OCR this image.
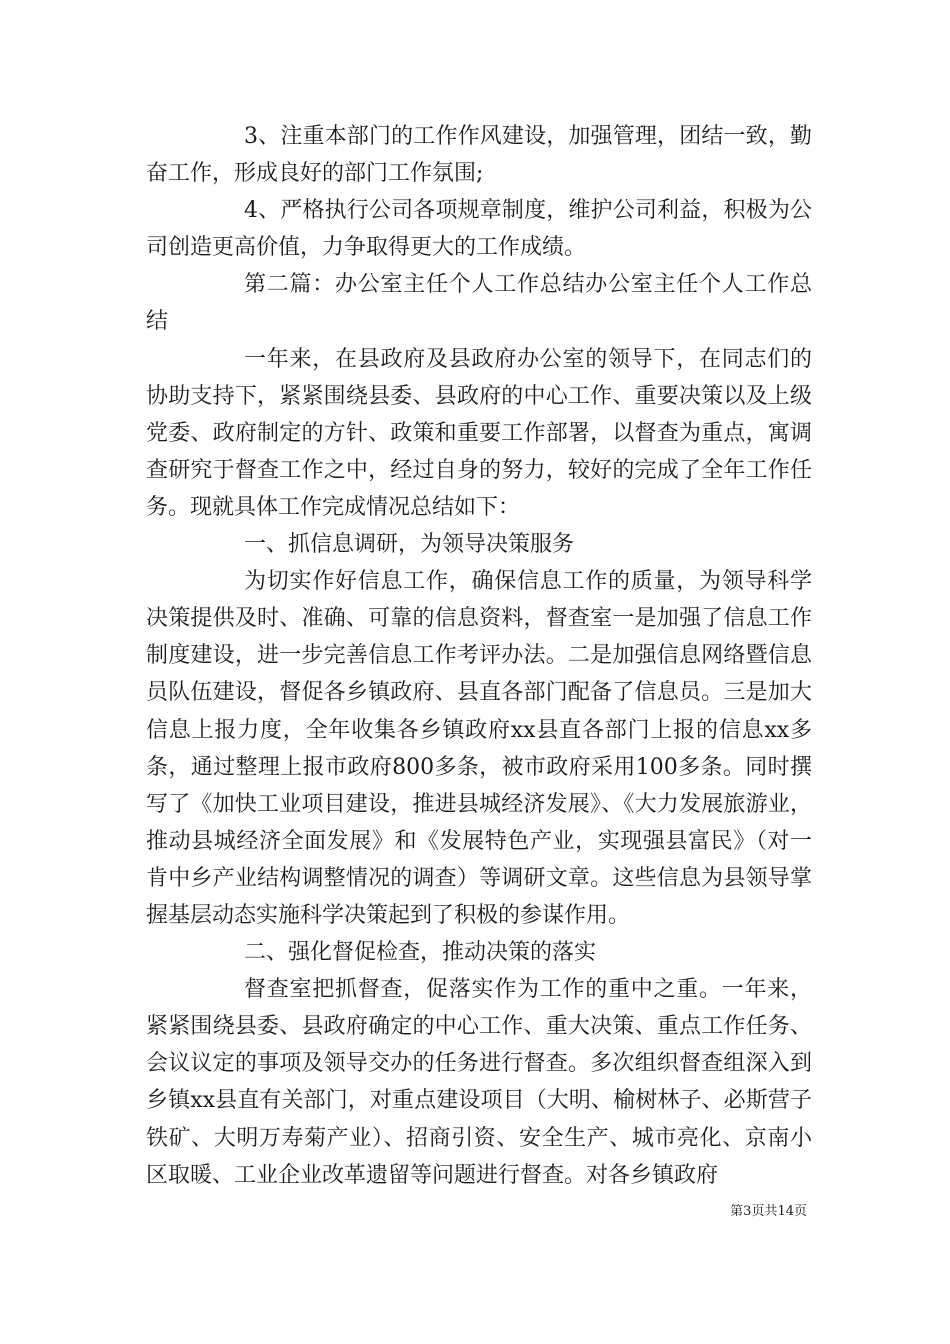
3、注重本部门的工作作风建设，加强管理，团结一致，勤奋工作，形成良好的部门工作氛围;

4、严格执行公司各项规章制度，维护公司利益，积极为公司创造更高价值，力争取得更大的工作成绩。

第二篇：办公室主任个人工作总结办公室主任个人工作总结

一年来，在县政府及县政府办公室的领导下，在同志们的协助支持下，紧紧围绕县委、县政府的中心工作、重要决策以及上级党委、政府制定的方针、政策和重要工作部署，以督查为重点，寓调查研究于督查工作之中，经过自身的努力，较好的完成了全年工作任务。现就具体工作完成情况总结如下：

一、抓信息调研，为领导决策服务

为切实作好信息工作，确保信息工作的质量，为领导科学决策提供及时、准确、可靠的信息资料，督查室一是加强了信息工作制度建设，进一步完善信息工作考评办法。二是加强信息网络暨信息员队伍建设，督促各乡镇政府、县直各部门配备了信息员。三是加大信息上报力度，全年收集各乡镇政府xx县直各部门上报的信息xx多条，通过整理上报市政府800多条，被市政府采用100多条。同时撰写了《加快工业项目建设，推进县城经济发展》、《大力发展旅游业，推动县城经济全面发展》和《发展特色产业，实现强县富民》（对一肯中乡产业结构调整情况的调查）等调研文章。这些信息为县领导掌握基层动态实施科学决策起到了积极的参谋作用。

二、强化督促检查，推动决策的落实

督查室把抓督查，促落实作为工作的重中之重。一年来，紧紧围绕县委、县政府确定的中心工作、重大决策、重点工作任务、会议议定的事项及领导交办的任务进行督查。多次组织督查组深入到乡镇xx县直有关部门，对重点建设项目（大明、榆树林子、必斯营子铁矿、大明万寿菊产业）、招商引资、安全生产、城市亮化、京南小区取暖、工业企业改革遗留等问题进行督查。对各乡镇政府

第3页共14页
